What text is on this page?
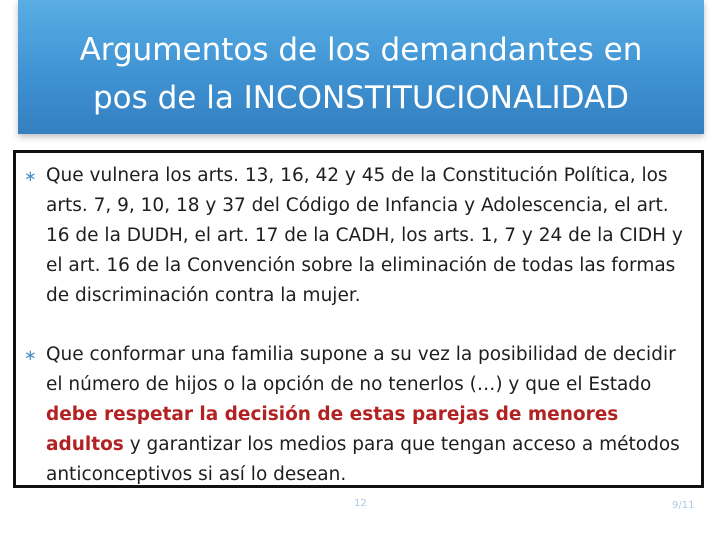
Argumentos de los demandantes en
pos de la INCONSTITUCIONALIDAD
∗ Que vulnera los arts. 13, 16, 42 y 45 de la Constitución Política, los arts. 7, 9, 10, 18 y 37 del Código de Infancia y Adolescencia, el art. 16 de la DUDH, el art. 17 de la CADH, los arts. 1, 7 y 24 de la CIDH y el art. 16 de la Convención sobre la eliminación de todas las formas de discriminación contra la mujer.
∗ Que conformar una familia supone a su vez la posibilidad de decidir el número de hijos o la opción de no tenerlos (…) y que el Estado debe respetar la decisión de estas parejas de menores adultos y garantizar los medios para que tengan acceso a métodos anticonceptivos si así lo desean.
12	9/11
